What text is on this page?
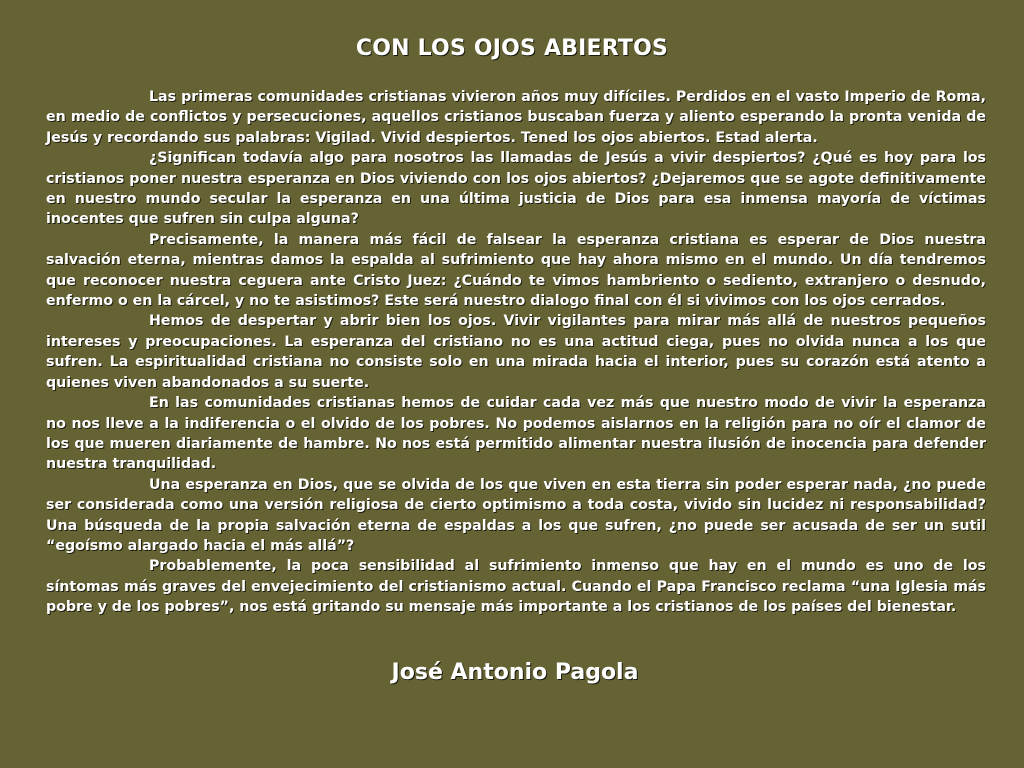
CON LOS OJOS ABIERTOS

Las primeras comunidades cristianas vivieron años muy difíciles. Perdidos en el vasto Imperio de Roma, en medio de conflictos y persecuciones, aquellos cristianos buscaban fuerza y aliento esperando la pronta venida de Jesús y recordando sus palabras: Vigilad. Vivid despiertos. Tened los ojos abiertos. Estad alerta.

¿Significan todavía algo para nosotros las llamadas de Jesús a vivir despiertos? ¿Qué es hoy para los cristianos poner nuestra esperanza en Dios viviendo con los ojos abiertos? ¿Dejaremos que se agote definitivamente en nuestro mundo secular la esperanza en una última justicia de Dios para esa inmensa mayoría de víctimas inocentes que sufren sin culpa alguna?

Precisamente, la manera más fácil de falsear la esperanza cristiana es esperar de Dios nuestra salvación eterna, mientras damos la espalda al sufrimiento que hay ahora mismo en el mundo. Un día tendremos que reconocer nuestra ceguera ante Cristo Juez: ¿Cuándo te vimos hambriento o sediento, extranjero o desnudo, enfermo o en la cárcel, y no te asistimos? Este será nuestro dialogo final con él si vivimos con los ojos cerrados.

Hemos de despertar y abrir bien los ojos. Vivir vigilantes para mirar más allá de nuestros pequeños intereses y preocupaciones. La esperanza del cristiano no es una actitud ciega, pues no olvida nunca a los que sufren. La espiritualidad cristiana no consiste solo en una mirada hacia el interior, pues su corazón está atento a quienes viven abandonados a su suerte.

En las comunidades cristianas hemos de cuidar cada vez más que nuestro modo de vivir la esperanza no nos lleve a la indiferencia o el olvido de los pobres. No podemos aislarnos en la religión para no oír el clamor de los que mueren diariamente de hambre. No nos está permitido alimentar nuestra ilusión de inocencia para defender nuestra tranquilidad.

Una esperanza en Dios, que se olvida de los que viven en esta tierra sin poder esperar nada, ¿no puede ser considerada como una versión religiosa de cierto optimismo a toda costa, vivido sin lucidez ni responsabilidad? Una búsqueda de la propia salvación eterna de espaldas a los que sufren, ¿no puede ser acusada de ser un sutil “egoísmo alargado hacia el más allá”?

Probablemente, la poca sensibilidad al sufrimiento inmenso que hay en el mundo es uno de los síntomas más graves del envejecimiento del cristianismo actual. Cuando el Papa Francisco reclama “una Iglesia más pobre y de los pobres”, nos está gritando su mensaje más importante a los cristianos de los países del bienestar.

José Antonio Pagola
